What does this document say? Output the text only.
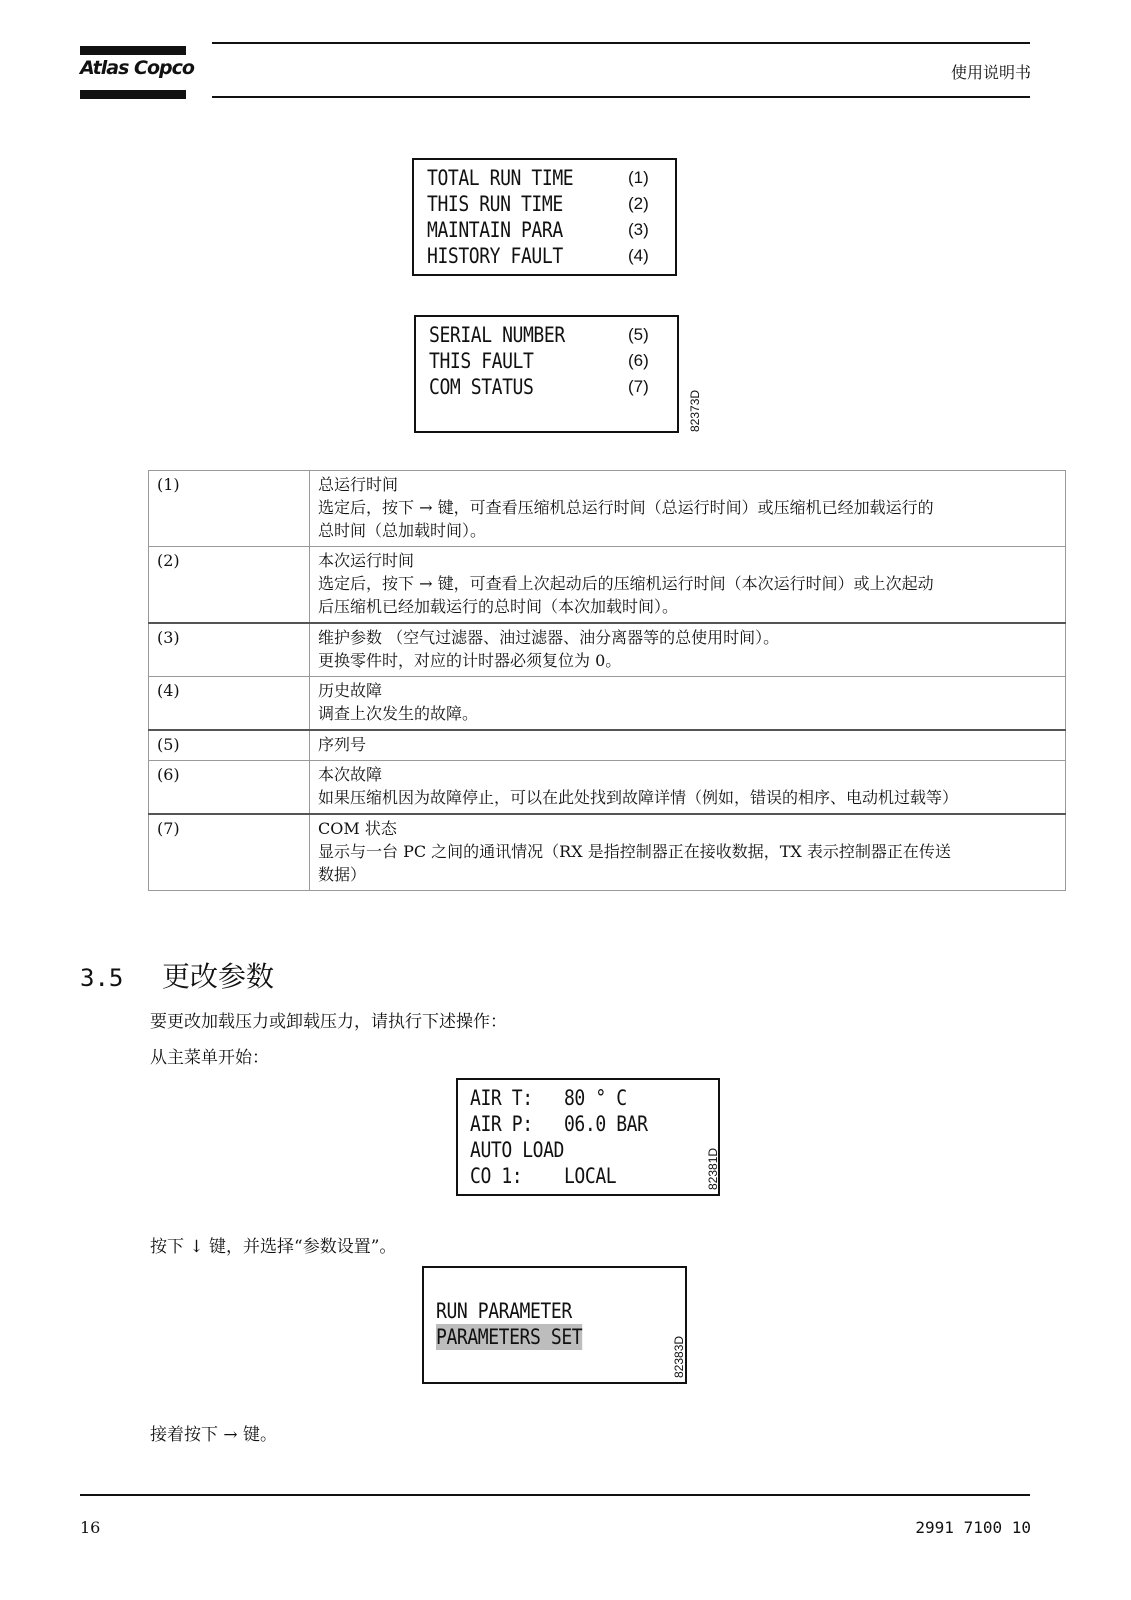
Atlas Copco	使用说明书
TOTAL RUN TIME	(1)
THIS RUN TIME	(2)
MAINTAIN PARA	(3)
HISTORY FAULT	(4)
SERIAL NUMBER	(5)
THIS FAULT	(6)
COM STATUS	(7)
82373D
(1)	总运行时间
选定后，按下 → 键，可查看压缩机总运行时间（总运行时间）或压缩机已经加载运行的
总时间（总加载时间）。

(2)	本次运行时间
选定后，按下 → 键，可查看上次起动后的压缩机运行时间（本次运行时间）或上次起动
后压缩机已经加载运行的总时间（本次加载时间）。

(3)	维护参数 （空气过滤器、油过滤器、油分离器等的总使用时间）。
更换零件时，对应的计时器必须复位为 0。

(4)	历史故障
调查上次发生的故障。

(5)	序列号

(6)	本次故障
如果压缩机因为故障停止，可以在此处找到故障详情（例如，错误的相序、电动机过载等）

(7)	COM 状态
显示与一台 PC 之间的通讯情况（RX 是指控制器正在接收数据，TX 表示控制器正在传送
数据）
3.5 更改参数
要更改加载压力或卸载压力，请执行下述操作：
从主菜单开始：
AIR T:   80 ° C
AIR P:   06.0 BAR
AUTO LOAD
CO 1:    LOCAL	82381D
按下 ↓ 键，并选择“参数设置”。
RUN PARAMETER
PARAMETERS SET	82383D
接着按下 → 键。
16	2991 7100 10
